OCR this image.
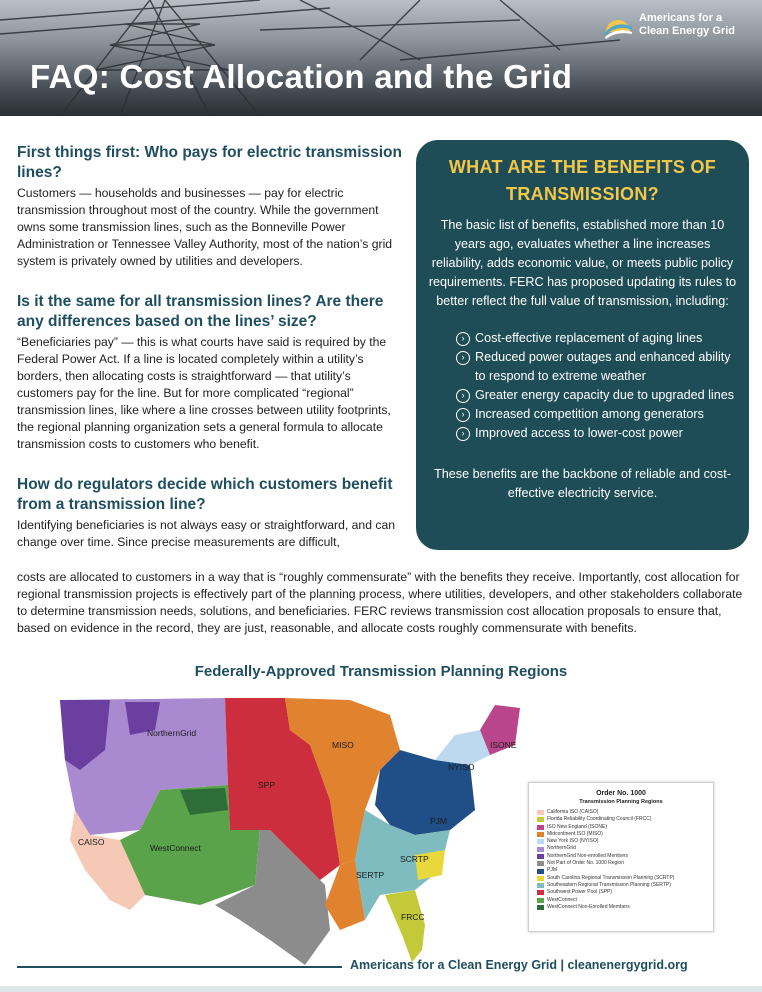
Americans for a
Clean Energy Grid
FAQ: Cost Allocation and the Grid
First things first: Who pays for electric transmission lines?

Customers — households and businesses — pay for electric transmission throughout most of the country. While the government owns some transmission lines, such as the Bonneville Power Administration or Tennessee Valley Authority, most of the nation’s grid system is privately owned by utilities and developers.

Is it the same for all transmission lines? Are there any differences based on the lines’ size?

“Beneficiaries pay” — this is what courts have said is required by the Federal Power Act. If a line is located completely within a utility’s borders, then allocating costs is straightforward — that utility’s customers pay for the line. But for more complicated “regional” transmission lines, like where a line crosses between utility footprints, the regional planning organization sets a general formula to allocate transmission costs to customers who benefit.

How do regulators decide which customers benefit from a transmission line?

Identifying beneficiaries is not always easy or straightforward, and can change over time. Since precise measurements are difficult,

WHAT ARE THE BENEFITS OF TRANSMISSION?

The basic list of benefits, established more than 10 years ago, evaluates whether a line increases reliability, adds economic value, or meets public policy requirements. FERC has proposed updating its rules to better reflect the full value of transmission, including:

› Cost-effective replacement of aging lines
› Reduced power outages and enhanced ability to respond to extreme weather
› Greater energy capacity due to upgraded lines
› Increased competition among generators
› Improved access to lower-cost power

These benefits are the backbone of reliable and cost-effective electricity service.

costs are allocated to customers in a way that is “roughly commensurate” with the benefits they receive. Importantly, cost allocation for regional transmission projects is effectively part of the planning process, where utilities, developers, and other stakeholders collaborate to determine transmission needs, solutions, and beneficiaries. FERC reviews transmission cost allocation proposals to ensure that, based on evidence in the record, they are just, reasonable, and allocate costs roughly commensurate with benefits.

Federally-Approved Transmission Planning Regions
NorthernGrid
MISO	ISONE
NYISO
SPP
PJM
CAISO
WestConnect
SCRTP
SERTP
FRCC
Order No. 1000
Transmission Planning Regions
California ISO (CAISO)
Florida Reliability Coordinating Council (FRCC)
ISO New England (ISONE)
Midcontinent ISO (MISO)
New York ISO (NYISO)
NorthernGrid
NorthernGrid Non-enrolled Members
Not Part of Order No. 1000 Region
PJM
South Carolina Regional Transmission Planning (SCRTP)
Southeastern Regional Transmission Planning (SERTP)
Southwest Power Pool (SPP)
WestConnect
WestConnect Non-Enrolled Members
Americans for a Clean Energy Grid | cleanenergygrid.org
